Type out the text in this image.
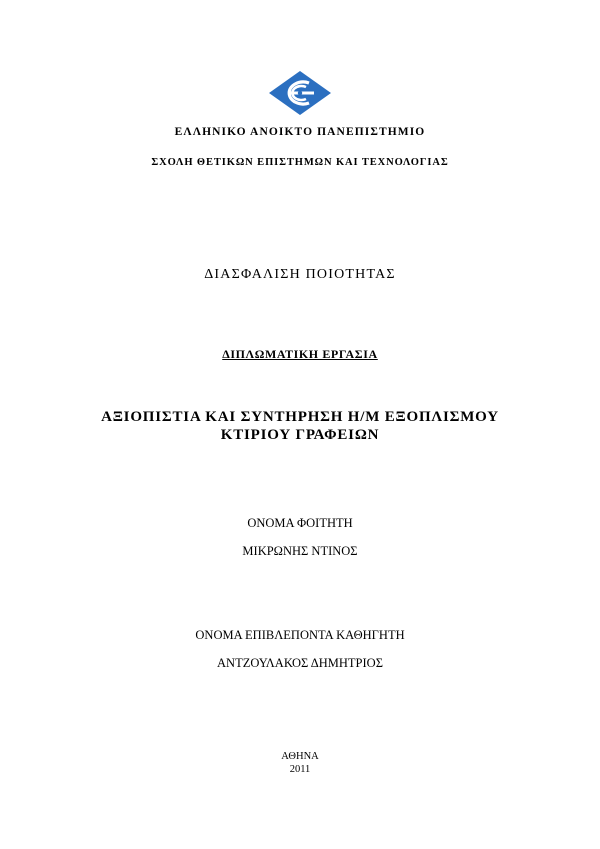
ΕΛΛΗΝΙΚΟ ΑΝΟΙΚΤΟ ΠΑΝΕΠΙΣΤΗΜΙΟ
ΣΧΟΛΗ ΘΕΤΙΚΩΝ ΕΠΙΣΤΗΜΩΝ ΚΑΙ ΤΕΧΝΟΛΟΓΙΑΣ
ΔΙΑΣΦΑΛΙΣΗ ΠΟΙΟΤΗΤΑΣ
ΔΙΠΛΩΜΑΤΙΚΗ ΕΡΓΑΣΙΑ
ΑΞΙΟΠΙΣΤΙΑ ΚΑΙ ΣΥΝΤΗΡΗΣΗ Η/Μ ΕΞΟΠΛΙΣΜΟΥ
ΚΤΙΡΙΟΥ ΓΡΑΦΕΙΩΝ
ΟΝΟΜΑ ΦΟΙΤΗΤΗ
ΜΙΚΡΩΝΗΣ ΝΤΙΝΟΣ
ΟΝΟΜΑ ΕΠΙΒΛΕΠΟΝΤΑ ΚΑΘΗΓΗΤΗ
ΑΝΤΖΟΥΛΑΚΟΣ ΔΗΜΗΤΡΙΟΣ
ΑΘΗΝΑ
2011
